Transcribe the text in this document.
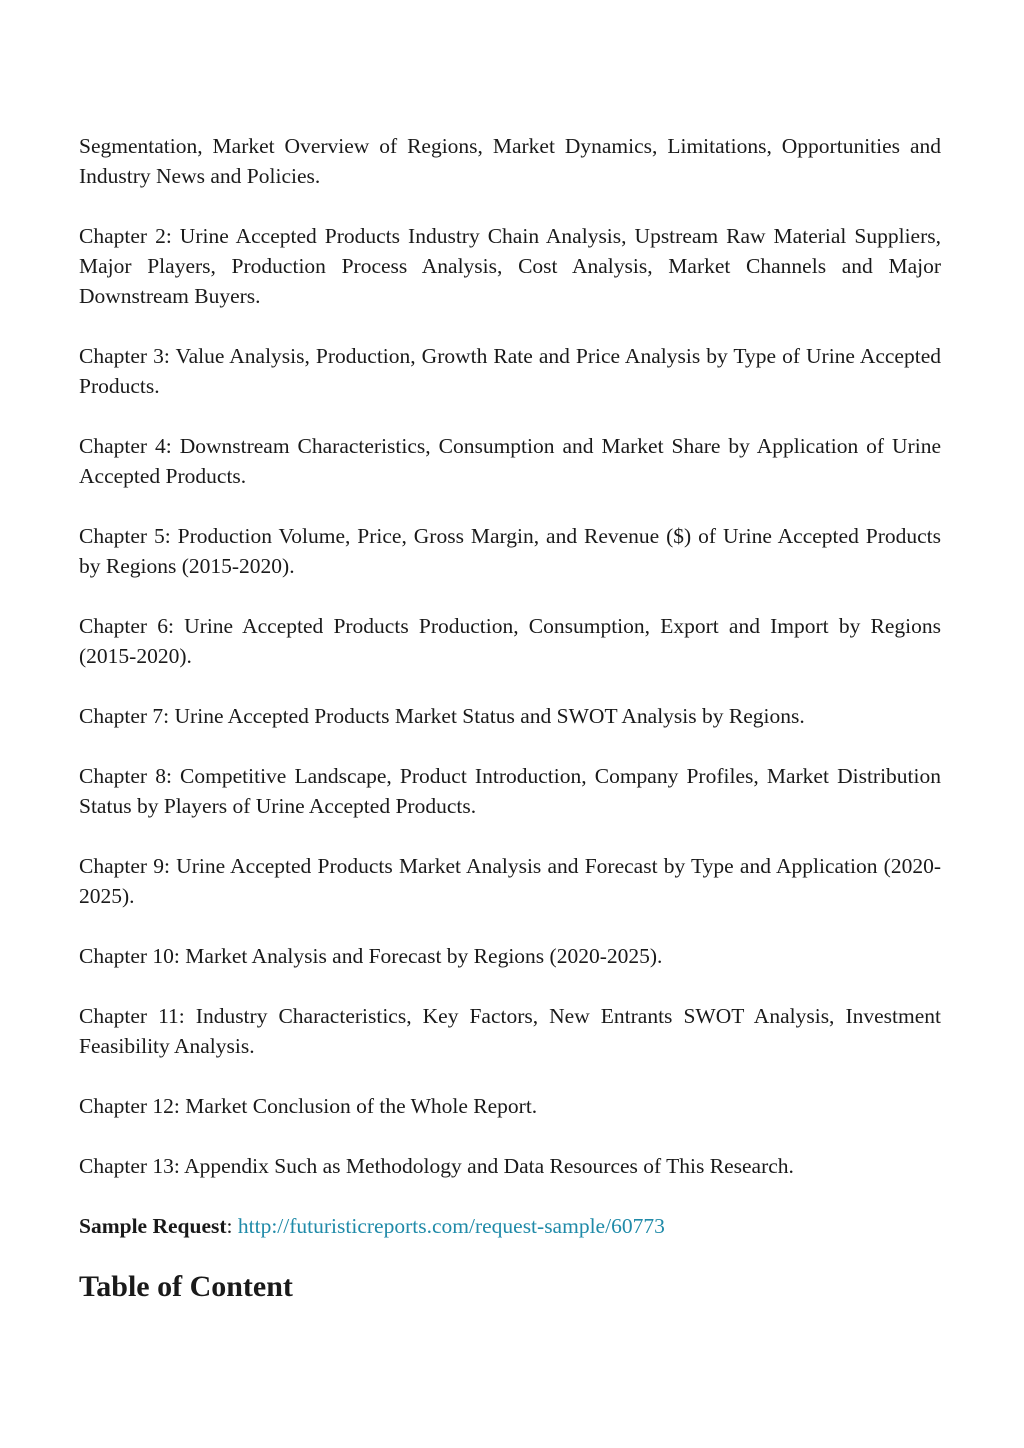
Segmentation, Market Overview of Regions, Market Dynamics, Limitations, Opportunities and Industry News and Policies.

Chapter 2: Urine Accepted Products Industry Chain Analysis, Upstream Raw Material Suppliers, Major Players, Production Process Analysis, Cost Analysis, Market Channels and Major Downstream Buyers.

Chapter 3: Value Analysis, Production, Growth Rate and Price Analysis by Type of Urine Accepted Products.

Chapter 4: Downstream Characteristics, Consumption and Market Share by Application of Urine Accepted Products.

Chapter 5: Production Volume, Price, Gross Margin, and Revenue ($) of Urine Accepted Products by Regions (2015-2020).

Chapter 6: Urine Accepted Products Production, Consumption, Export and Import by Regions (2015-2020).

Chapter 7: Urine Accepted Products Market Status and SWOT Analysis by Regions.

Chapter 8: Competitive Landscape, Product Introduction, Company Profiles, Market Distribution Status by Players of Urine Accepted Products.

Chapter 9: Urine Accepted Products Market Analysis and Forecast by Type and Application (2020-2025).

Chapter 10: Market Analysis and Forecast by Regions (2020-2025).

Chapter 11: Industry Characteristics, Key Factors, New Entrants SWOT Analysis, Investment Feasibility Analysis.

Chapter 12: Market Conclusion of the Whole Report.

Chapter 13: Appendix Such as Methodology and Data Resources of This Research.

Sample Request: http://futuristicreports.com/request-sample/60773

Table of Content
